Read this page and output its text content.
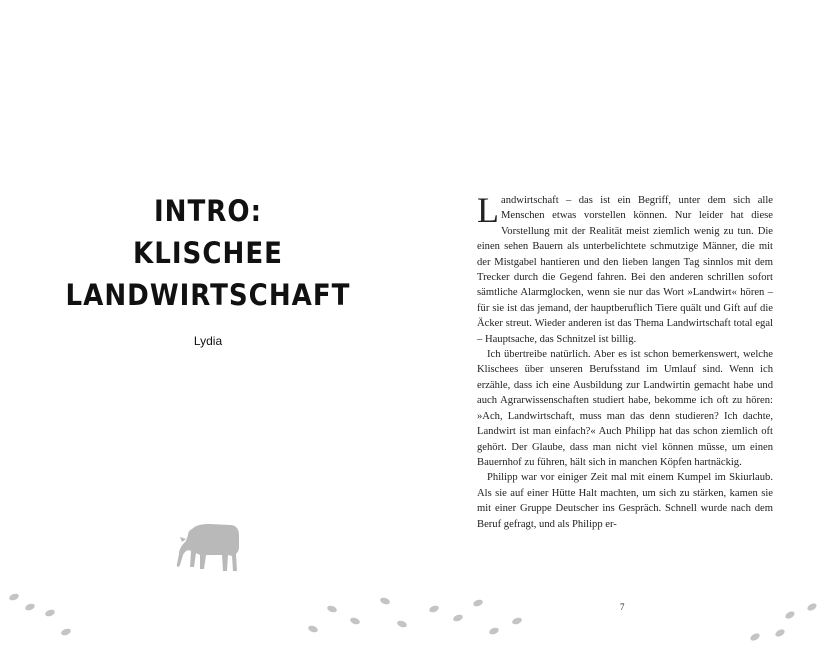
INTRO:
KLISCHEE
LANDWIRTSCHAFT
Lydia

Landwirtschaft – das ist ein Begriff, unter dem sich alle Menschen etwas vorstellen können. Nur leider hat diese Vorstellung mit der Realität meist ziemlich wenig zu tun. Die einen sehen Bauern als unterbelichtete schmutzige Männer, die mit der Mistgabel hantieren und den lieben langen Tag sinnlos mit dem Trecker durch die Gegend fahren. Bei den anderen schrillen sofort sämtliche Alarmglocken, wenn sie nur das Wort »Landwirt« hören – für sie ist das jemand, der hauptberuflich Tiere quält und Gift auf die Äcker streut. Wieder anderen ist das Thema Landwirtschaft total egal – Hauptsache, das Schnitzel ist billig.

Ich übertreibe natürlich. Aber es ist schon bemerkenswert, welche Klischees über unseren Berufsstand im Umlauf sind. Wenn ich erzähle, dass ich eine Ausbildung zur Landwirtin gemacht habe und auch Agrarwissenschaften studiert habe, bekomme ich oft zu hören: »Ach, Landwirtschaft, muss man das denn studieren? Ich dachte, Landwirt ist man einfach?« Auch Philipp hat das schon ziemlich oft gehört. Der Glaube, dass man nicht viel können müsse, um einen Bauernhof zu führen, hält sich in manchen Köpfen hartnäckig.

Philipp war vor einiger Zeit mal mit einem Kumpel im Skiurlaub. Als sie auf einer Hütte Halt machten, um sich zu stärken, kamen sie mit einer Gruppe Deutscher ins Gespräch. Schnell wurde nach dem Beruf gefragt, und als Philipp er-

7
